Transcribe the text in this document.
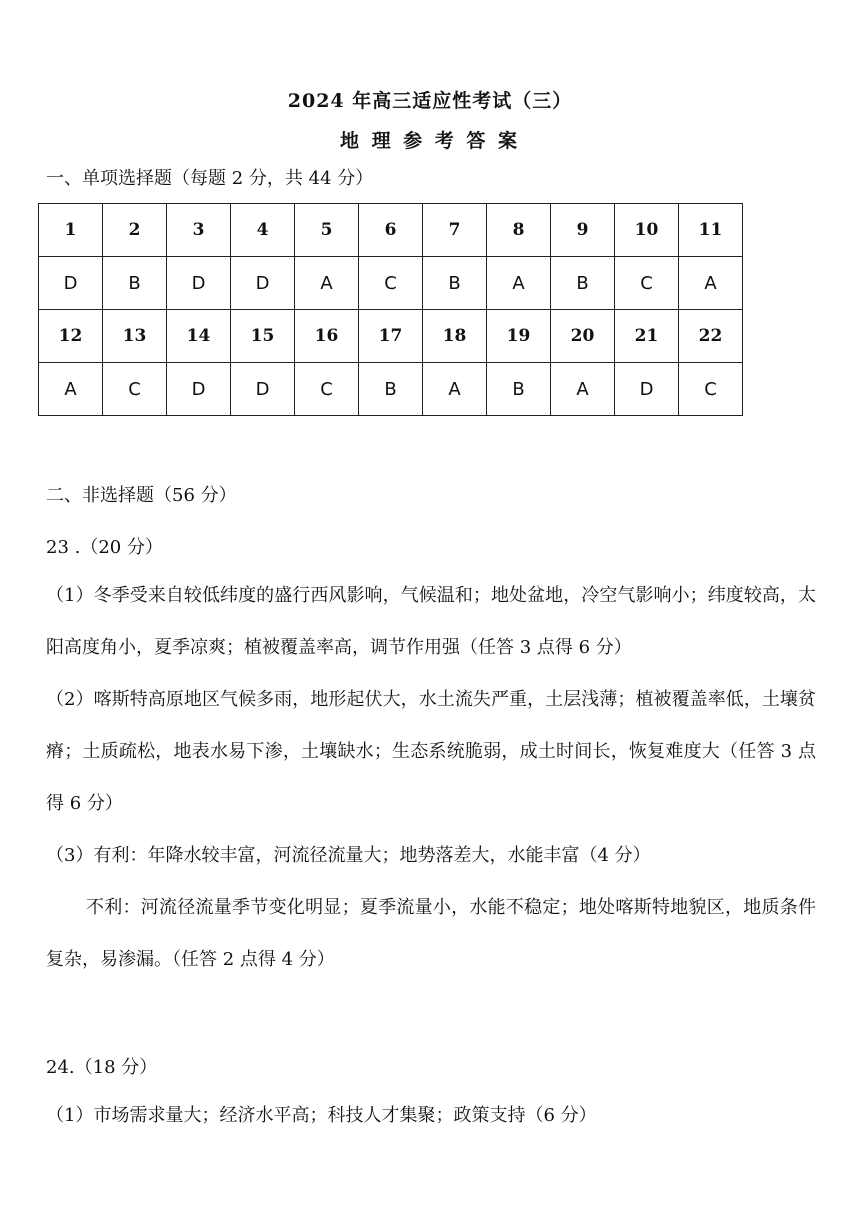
2024 年高三适应性考试（三）
地 理 参 考 答 案
一、单项选择题（每题 2 分，共 44 分）
1	2	3	4	5	6	7	8	9	10	11
D	B	D	D	A	C	B	A	B	C	A
12	13	14	15	16	17	18	19	20	21	22
A	C	D	D	C	B	A	B	A	D	C
二、非选择题（56 分）
23 .（20 分）
（1）冬季受来自较低纬度的盛行西风影响，气候温和；地处盆地，冷空气影响小；纬度较高，太阳高度角小，夏季凉爽；植被覆盖率高，调节作用强（任答 3 点得 6 分）
（2）喀斯特高原地区气候多雨，地形起伏大，水土流失严重，土层浅薄；植被覆盖率低，土壤贫瘠；土质疏松，地表水易下渗，土壤缺水；生态系统脆弱，成土时间长，恢复难度大（任答 3 点得 6 分）
（3）有利：年降水较丰富，河流径流量大；地势落差大，水能丰富（4 分）
不利：河流径流量季节变化明显；夏季流量小，水能不稳定；地处喀斯特地貌区，地质条件复杂，易渗漏。（任答 2 点得 4 分）
24.（18 分）
（1）市场需求量大；经济水平高；科技人才集聚；政策支持（6 分）
